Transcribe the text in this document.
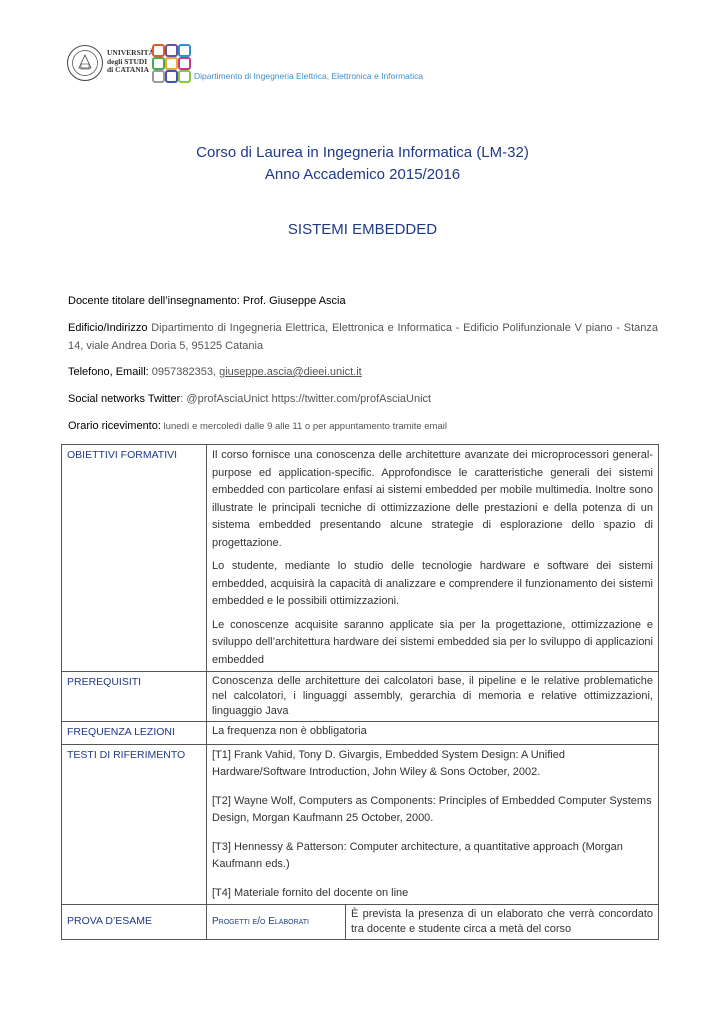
UNIVERSITÀ
degli STUDI
di CATANIA
Dipartimento di Ingegneria Elettrica, Elettronica e Informatica
Corso di Laurea in Ingegneria Informatica (LM-32)
Anno Accademico 2015/2016
SISTEMI EMBEDDED
Docente titolare dell’insegnamento: Prof. Giuseppe Ascia
Edificio/Indirizzo Dipartimento di Ingegneria Elettrica, Elettronica e Informatica - Edificio Polifunzionale V piano - Stanza 14, viale Andrea Doria 5, 95125 Catania
Telefono, Emaill: 0957382353, giuseppe.ascia@dieei.unict.it
Social networks Twitter: @profAsciaUnict https://twitter.com/profAsciaUnict
Orario ricevimento: lunedì e mercoledì dalle 9 alle 11 o per appuntamento tramite email
OBIETTIVI FORMATIVI	Il corso fornisce una conoscenza delle architetture avanzate dei microprocessori general-purpose ed application-specific. Approfondisce le caratteristiche generali dei sistemi embedded con particolare enfasi ai sistemi embedded per mobile multimedia. Inoltre sono illustrate le principali tecniche di ottimizzazione delle prestazioni e della potenza di un sistema embedded presentando alcune strategie di esplorazione dello spazio di progettazione.

Lo studente, mediante lo studio delle tecnologie hardware e software dei sistemi embedded, acquisirà la capacità di analizzare e comprendere il funzionamento dei sistemi embedded e le possibili ottimizzazioni.

Le conoscenze acquisite saranno applicate sia per la progettazione, ottimizzazione e sviluppo dell’architettura hardware dei sistemi embedded sia per lo sviluppo di applicazioni embedded

PREREQUISITI	Conoscenza delle architetture dei calcolatori base, il pipeline e le relative problematiche nel calcolatori, i linguaggi assembly, gerarchia di memoria e relative ottimizzazioni, linguaggio Java
FREQUENZA LEZIONI	La frequenza non è obbligatoria
TESTI DI RIFERIMENTO	[T1] Frank Vahid, Tony D. Givargis, Embedded System Design: A Unified Hardware/Software Introduction, John Wiley & Sons October, 2002.

[T2] Wayne Wolf, Computers as Components: Principles of Embedded Computer Systems Design, Morgan Kaufmann 25 October, 2000.

[T3] Hennessy & Patterson: Computer architecture, a quantitative approach (Morgan Kaufmann eds.)

[T4] Materiale fornito del docente on line

PROVA D’ESAME		Progetti e/o Elaborati	È prevista la presenza di un elaborato che verrà concordato tra docente e studente circa a metà del corso
